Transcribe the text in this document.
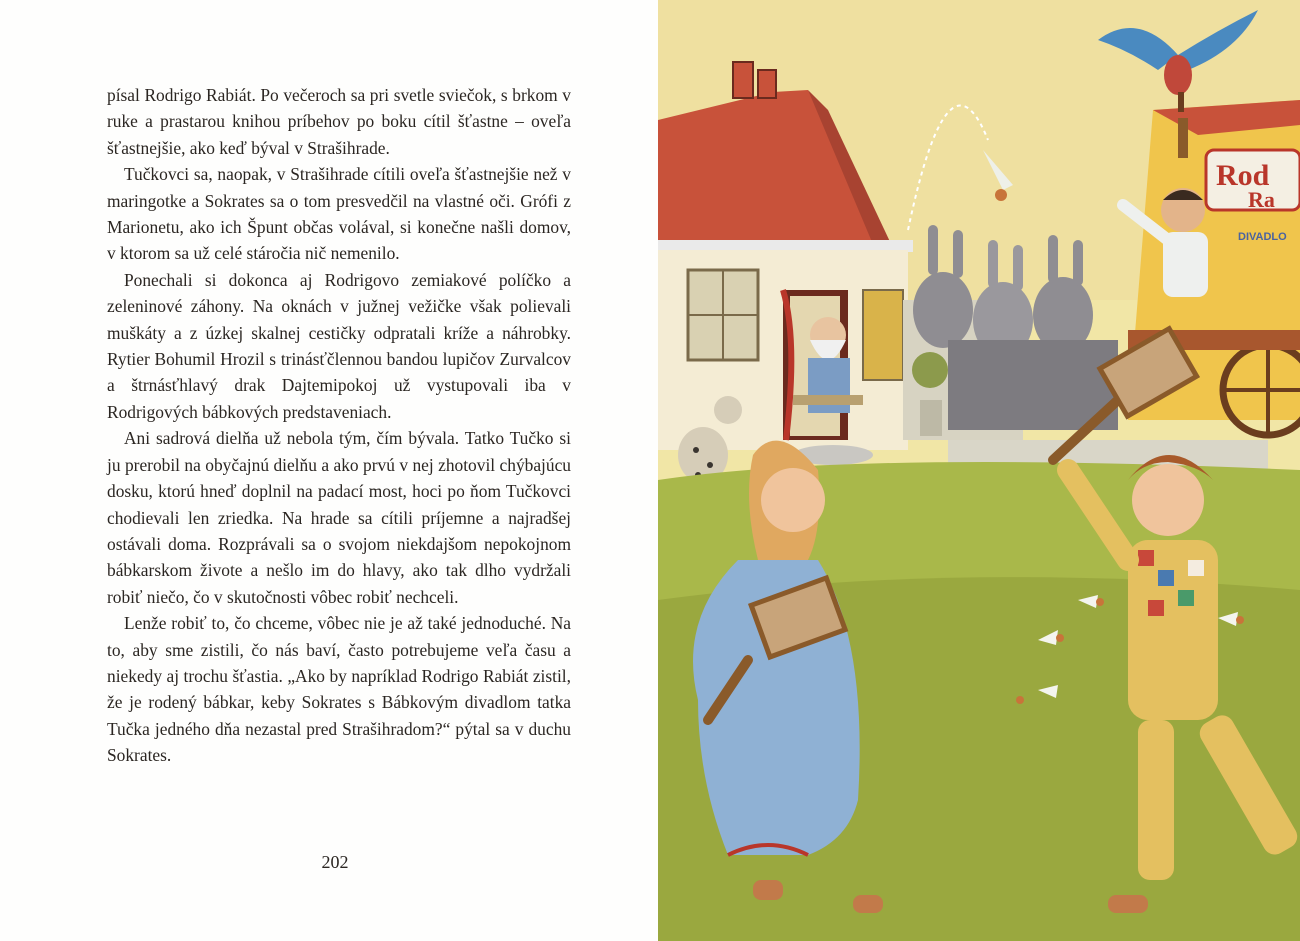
písal Rodrigo Rabiát. Po večeroch sa pri svetle sviečok, s brkom v ruke a prastarou knihou príbehov po boku cítil šťastne – oveľa šťastnejšie, ako keď býval v Strašihrade.

Tučkovci sa, naopak, v Strašihrade cítili oveľa šťastnejšie než v maringotke a Sokrates sa o tom presvedčil na vlastné oči. Grófi z Marionetu, ako ich Špunt občas volával, si konečne našli domov, v ktorom sa už celé stáročia nič nemenilo.

Ponechali si dokonca aj Rodrigovo zemiakové políčko a zeleninové záhony. Na oknách v južnej vežičke však polievali muškáty a z úzkej skalnej cestičky odpratali kríže a náhrobky. Rytier Bohumil Hrozil s trinásťčlennou bandou lupičov Zurvalcov a štrnásťhlavý drak Dajtemipokoj už vystupovali iba v Rodrigových bábkových predstaveniach.

Ani sadrová dielňa už nebola tým, čím bývala. Tatko Tučko si ju prerobil na obyčajnú dielňu a ako prvú v nej zhotovil chýbajúcu dosku, ktorú hneď doplnil na padací most, hoci po ňom Tučkovci chodievali len zriedka. Na hrade sa cítili príjemne a najradšej ostávali doma. Rozprávali sa o svojom niekdajšom nepokojnom bábkarskom živote a nešlo im do hlavy, ako tak dlho vydržali robiť niečo, čo v skutočnosti vôbec robiť nechceli.

Lenže robiť to, čo chceme, vôbec nie je až také jednoduché. Na to, aby sme zistili, čo nás baví, často potrebujeme veľa času a niekedy aj trochu šťastia. „Ako by napríklad Rodrigo Rabiát zistil, že je rodený bábkar, keby Sokrates s Bábkovým divadlom tatka Tučka jedného dňa nezastal pred Strašihradom?“ pýtal sa v duchu Sokrates.

202
Rod
Ra
DIVADLO
